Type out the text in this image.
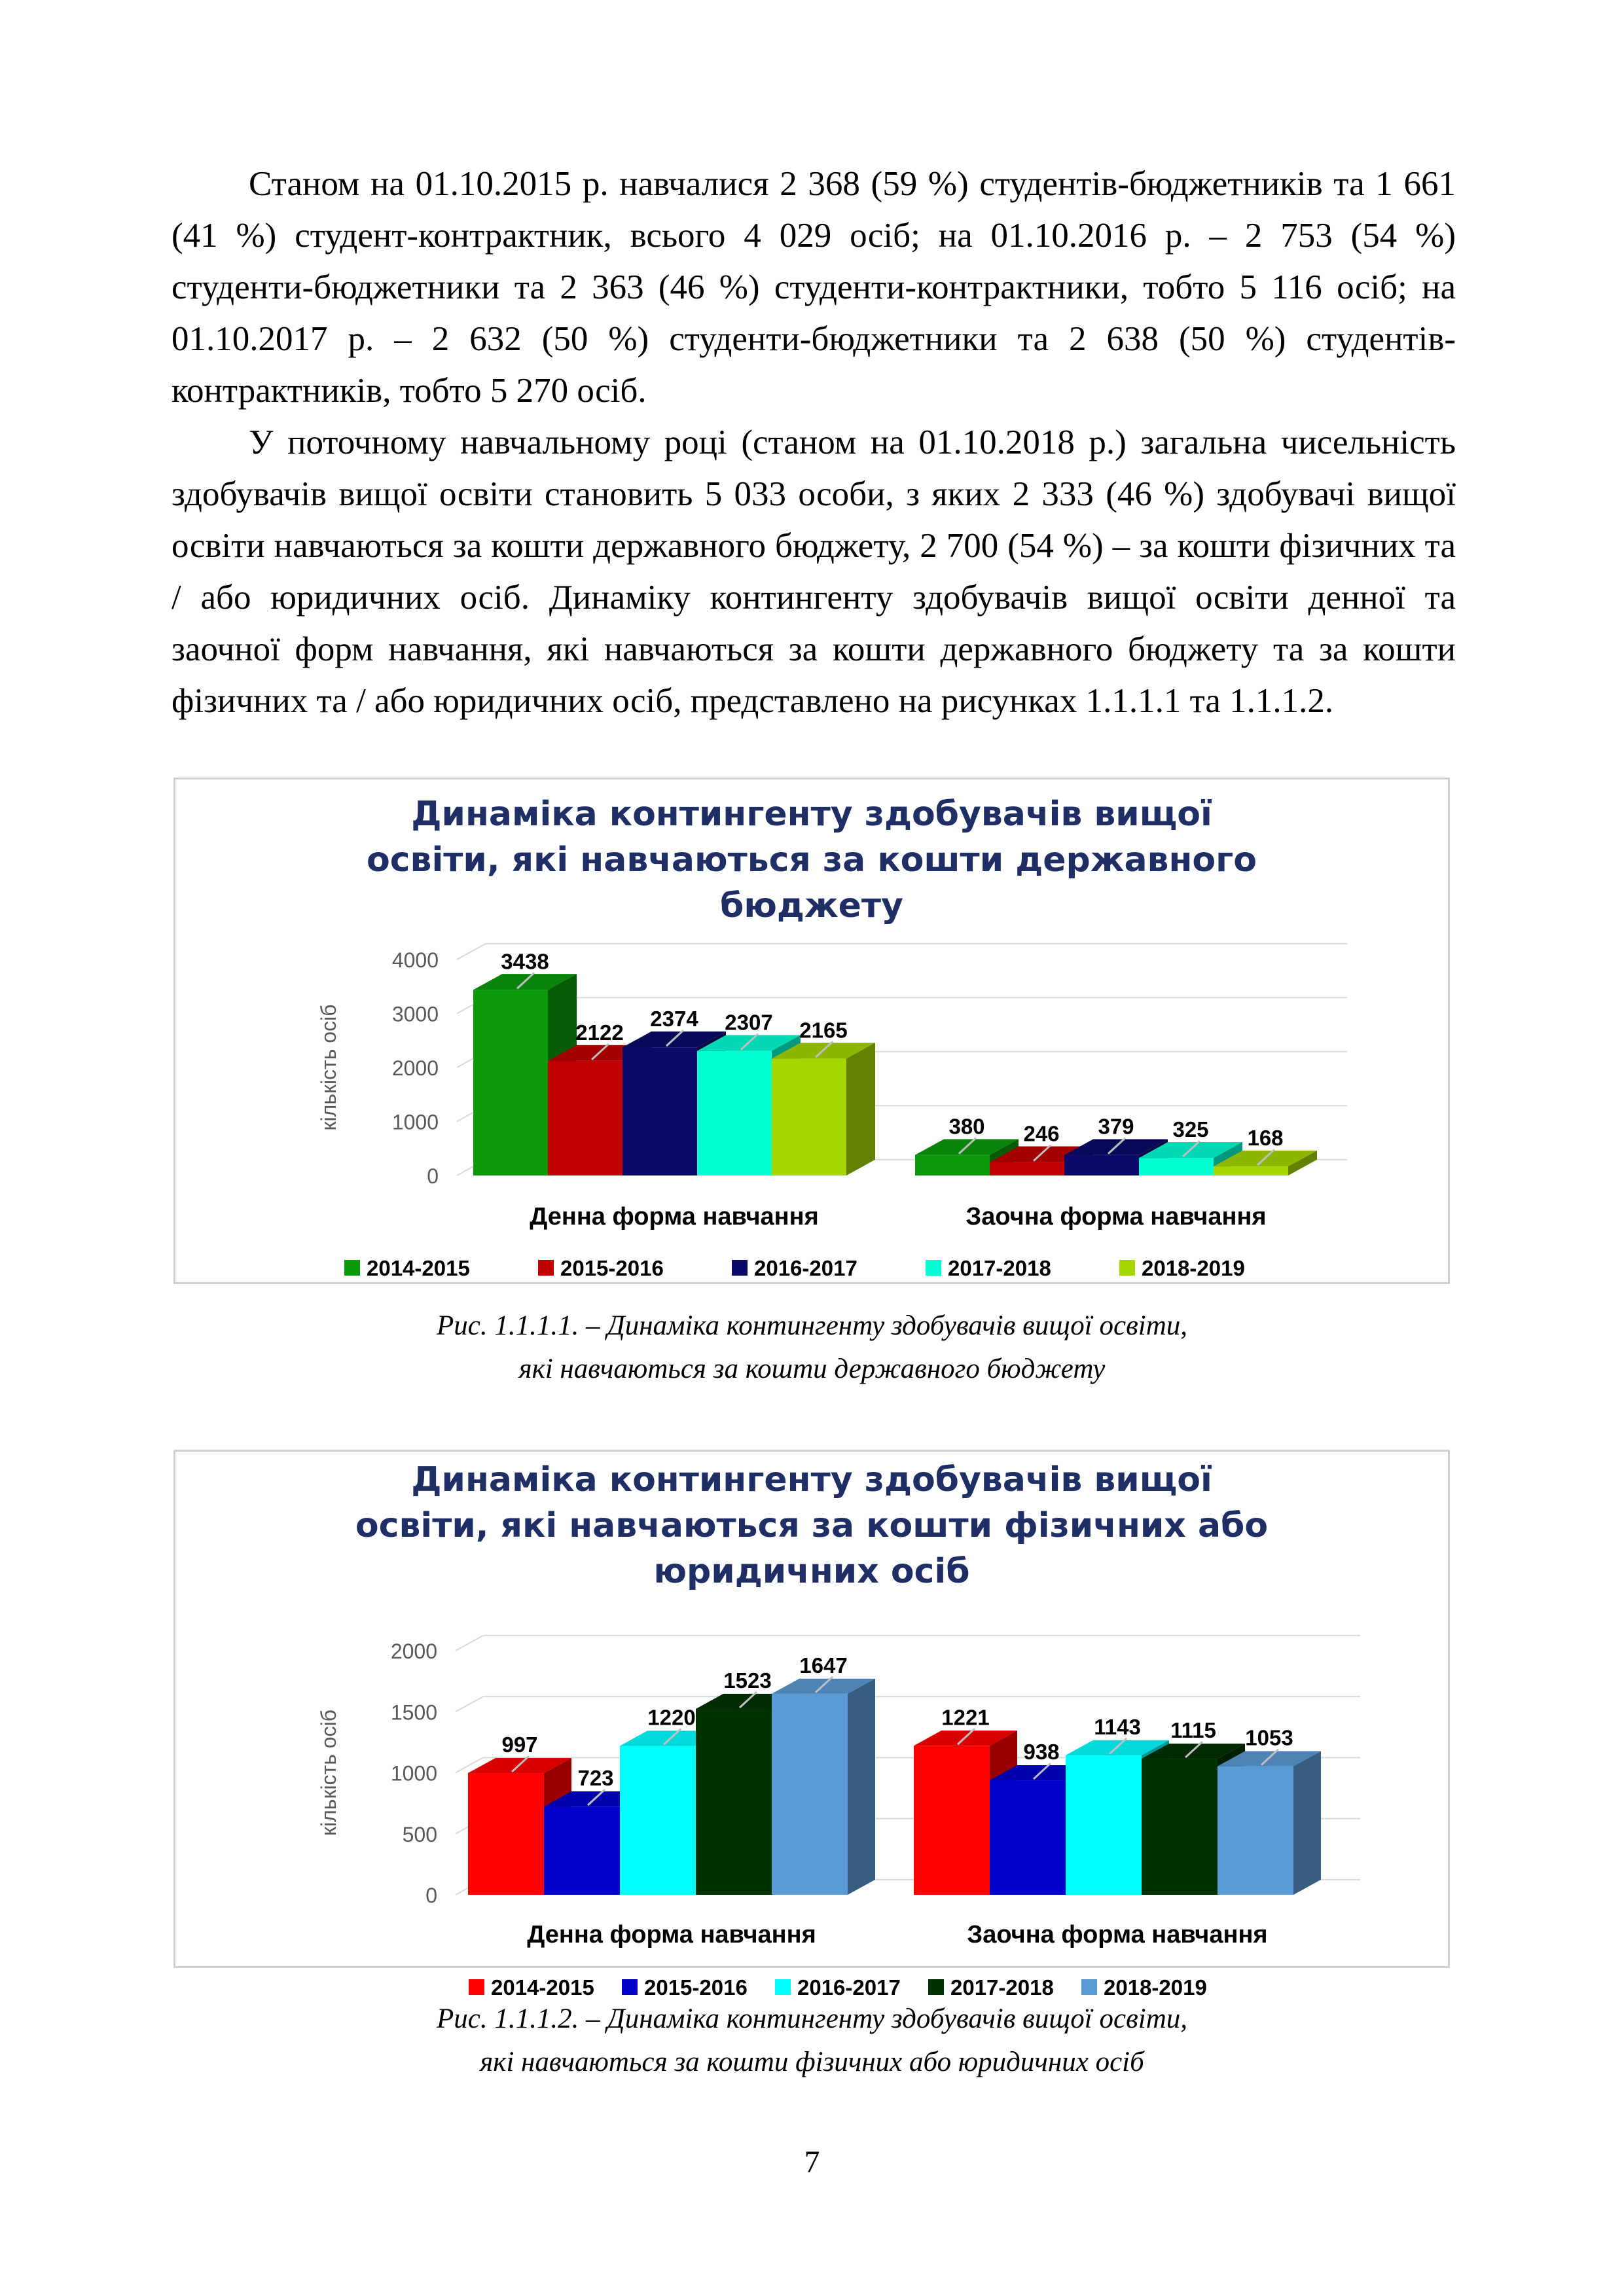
Станом на 01.10.2015 р. навчалися 2 368 (59 %) студентів-бюджетників та 1 661 (41 %) студент-контрактник, всього 4 029 осіб; на 01.10.2016 р. – 2 753 (54 %) студенти-бюджетники та 2 363 (46 %) студенти-контрактники, тобто 5 116 осіб; на 01.10.2017 р. – 2 632 (50 %) студенти-бюджетники та 2 638 (50 %) студентів-контрактників, тобто 5 270 осіб.

У поточному навчальному році (станом на 01.10.2018 р.) загальна чисельність здобувачів вищої освіти становить 5 033 особи, з яких 2 333 (46 %) здобувачі вищої освіти навчаються за кошти державного бюджету, 2 700 (54 %) – за кошти фізичних та / або юридичних осіб. Динаміку контингенту здобувачів вищої освіти денної та заочної форм навчання, які навчаються за кошти державного бюджету та за кошти фізичних та / або юридичних осіб, представлено на рисунках 1.1.1.1 та 1.1.1.2.

Динаміка контингенту здобувачів вищої
освіти, які навчаються за кошти державного
бюджету
0
1000
2000
3000
4000
кількість осіб
3438
2122
2374 2307 2165
Денна форма навчання
380 246 379 325 168
Заочна форма навчання
2014-2015	2015-2016	2016-2017	2017-2018	2018-2019
Рис. 1.1.1.1. – Динаміка контингенту здобувачів вищої освіти,
які навчаються за кошти державного бюджету
Динаміка контингенту здобувачів вищої
освіти, які навчаються за кошти фізичних або
юридичних осіб
0
500
1000
1500
2000
кількість осіб	997
723
1220
1523
1647
Денна форма навчання
1221
938
1143 1115 1053
Заочна форма навчання
2014-2015 2015-2016 2016-2017 2017-2018 2018-2019
Рис. 1.1.1.2. – Динаміка контингенту здобувачів вищої освіти,
які навчаються за кошти фізичних або юридичних осіб
7
